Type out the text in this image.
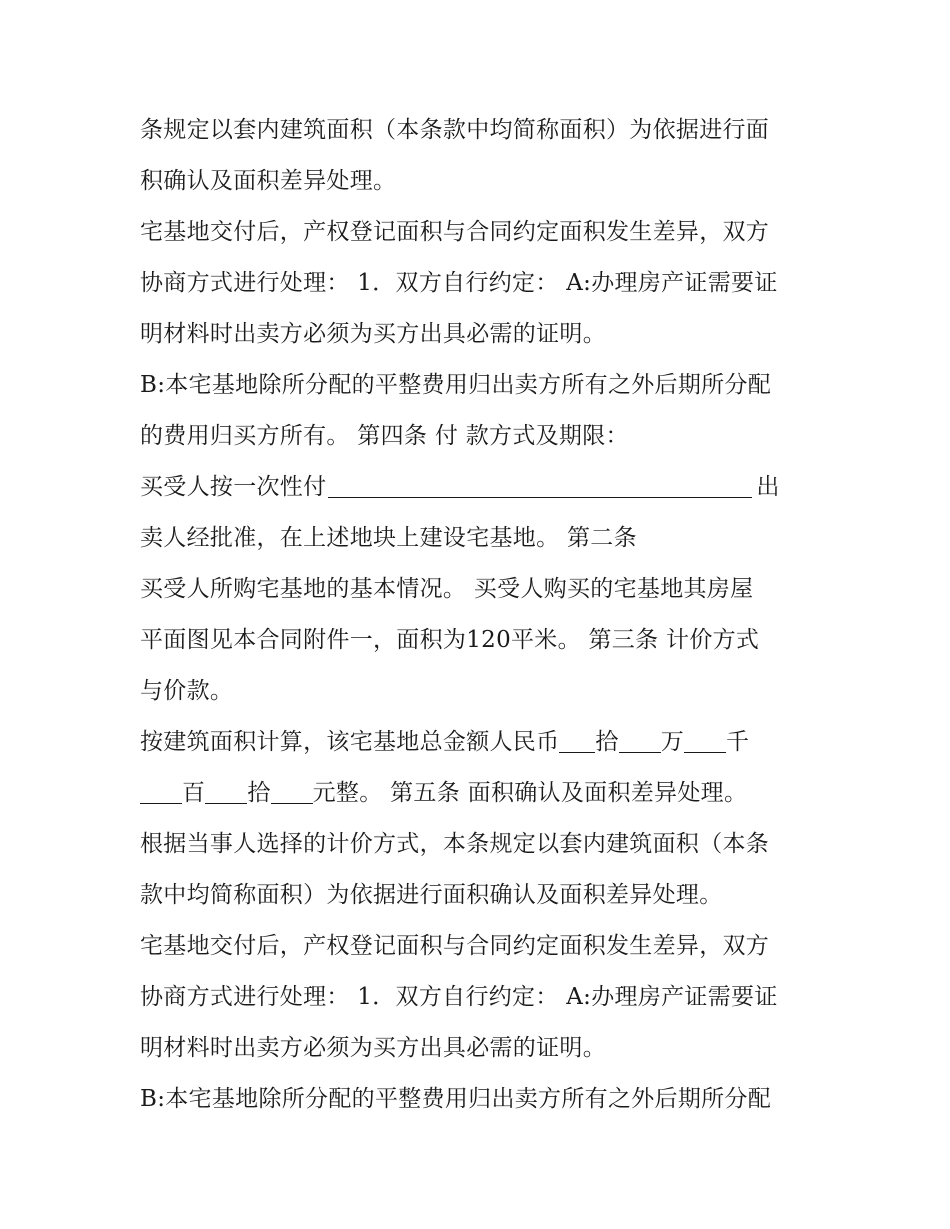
条规定以套内建筑面积（本条款中均简称面积）为依据进行面
积确认及面积差异处理。
宅基地交付后，产权登记面积与合同约定面积发生差异，双方
协商方式进行处理： 1．双方自行约定： A:办理房产证需要证
明材料时出卖方必须为买方出具必需的证明。
B:本宅基地除所分配的平整费用归出卖方所有之外后期所分配
的费用归买方所有。 第四条 付 款方式及期限：
买受人按一次性付	出
卖人经批准，在上述地块上建设宅基地。 第二条
买受人所购宅基地的基本情况。 买受人购买的宅基地其房屋
平面图见本合同附件一，面积为120平米。 第三条 计价方式
与价款。
按建筑面积计算，该宅基地总金额人民币 拾 万 千
百 拾 元整。 第五条 面积确认及面积差异处理。
根据当事人选择的计价方式，本条规定以套内建筑面积（本条
款中均简称面积）为依据进行面积确认及面积差异处理。
宅基地交付后，产权登记面积与合同约定面积发生差异，双方
协商方式进行处理： 1．双方自行约定： A:办理房产证需要证
明材料时出卖方必须为买方出具必需的证明。
B:本宅基地除所分配的平整费用归出卖方所有之外后期所分配
